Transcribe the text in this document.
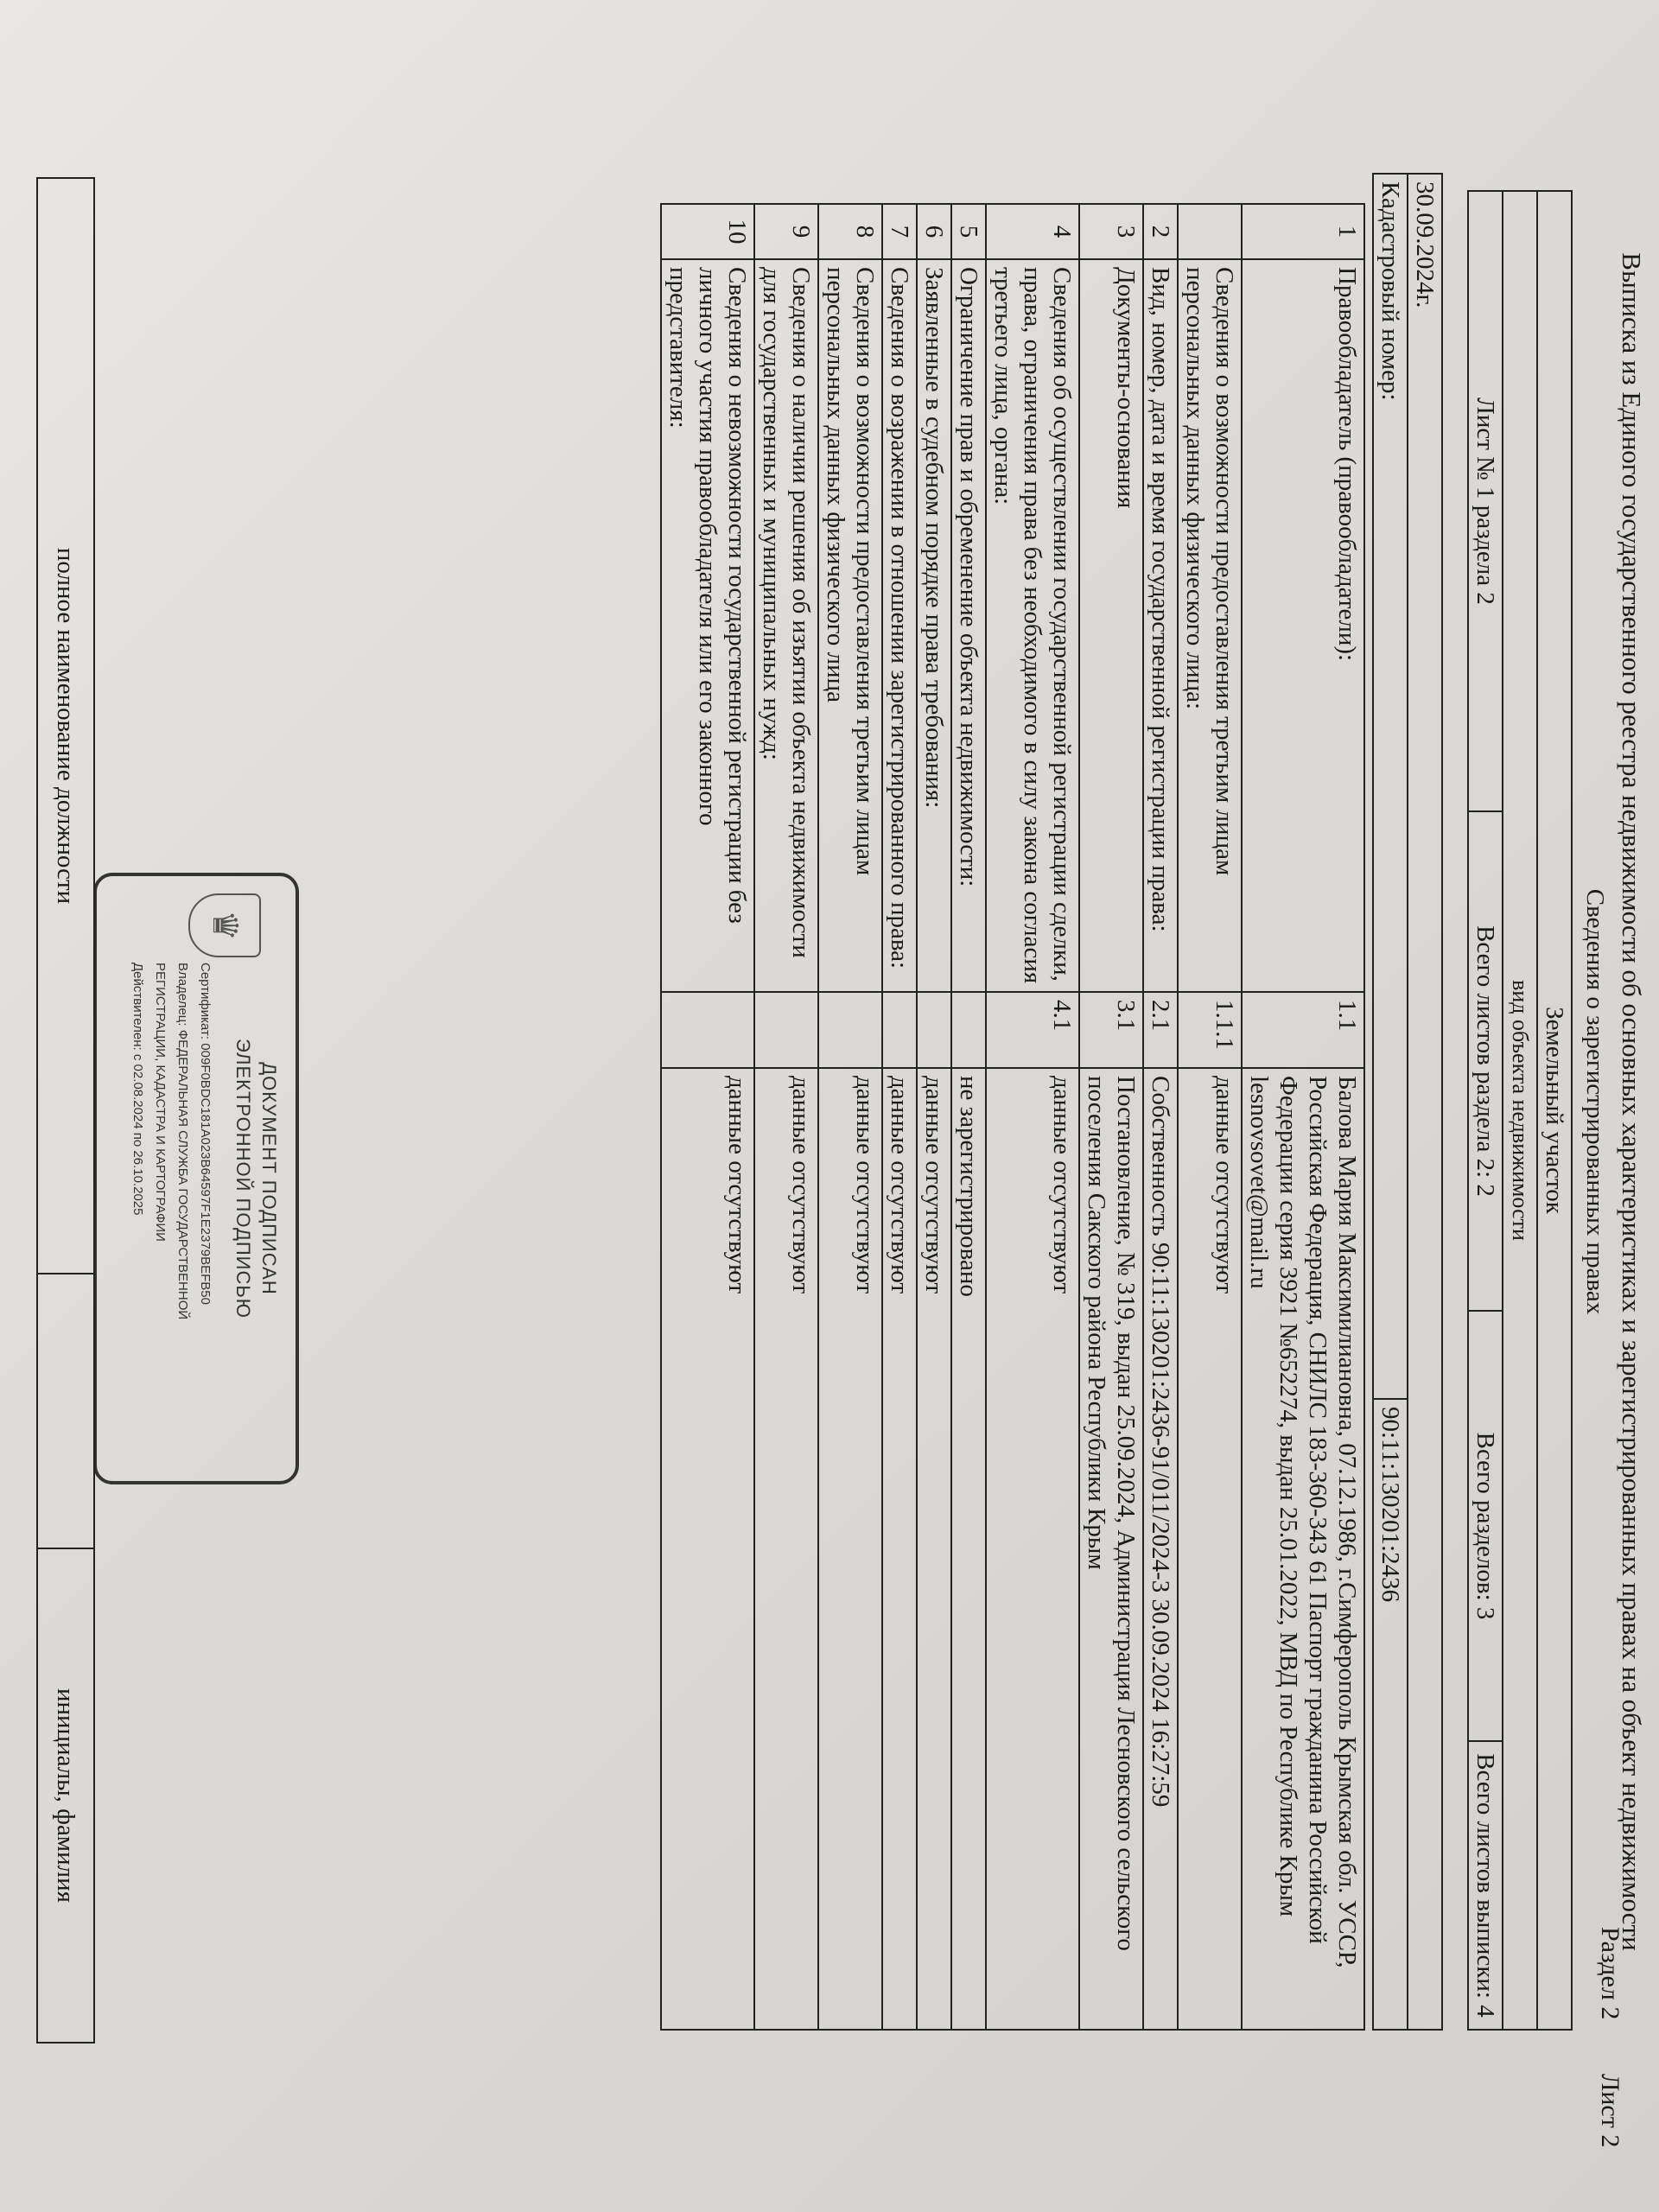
Раздел 2
Лист 2
Выписка из Единого государственного реестра недвижимости об основных характеристиках и зарегистрированных правах на объект недвижимости
Сведения о зарегистрированных правах
Земельный участок
вид объекта недвижимости
Лист № 1 раздела 2	Всего листов раздела 2: 2	Всего разделов: 3	Всего листов выписки: 4
30.09.2024г.
Кадастровый номер:	90:11:130201:2436
1	Правообладатель (правообладатели):	1.1	Балова Мария Максимилиановна, 07.12.1986, г.Симферополь Крымская обл. УССР, Российская Федерация, СНИЛС 183-360-343 61 Паспорт гражданина Российской Федерации серия 3921 №652274, выдан 25.01.2022, МВД по Республике Крым lesnovsovet@mail.ru
	Сведения о возможности предоставления третьим лицам персональных данных физического лица:	1.1.1	данные отсутствуют
2	Вид, номер, дата и время государственной регистрации права:	2.1	Собственность 90:11:130201:2436-91/011/2024-3 30.09.2024 16:27:59
3	Документы-основания	3.1	Постановление, № 319, выдан 25.09.2024, Администрация Лесновского сельского поселения Сакского района Республики Крым
4	Сведения об осуществлении государственной регистрации сделки, права, ограничения права без необходимого в силу закона согласия третьего лица, органа:	4.1	данные отсутствуют
5	Ограничение прав и обременение объекта недвижимости:		не зарегистрировано
6	Заявленные в судебном порядке права требования:		данные отсутствуют
7	Сведения о возражении в отношении зарегистрированного права:		данные отсутствуют
8	Сведения о возможности предоставления третьим лицам персональных данных физического лица		данные отсутствуют
9	Сведения о наличии решения об изъятии объекта недвижимости для государственных и муниципальных нужд:		данные отсутствуют
10	Сведения о невозможности государственной регистрации без личного участия правообладателя или его законного представителя:		данные отсутствуют
♛
ДОКУМЕНТ ПОДПИСАН
ЭЛЕКТРОННОЙ ПОДПИСЬЮ
Сертификат: 009F0BDC181A023B64597F1E2379BEFB50
Владелец: ФЕДЕРАЛЬНАЯ СЛУЖБА ГОСУДАРСТВЕННОЙ
РЕГИСТРАЦИИ, КАДАСТРА И КАРТОГРАФИИ
Действителен: с 02.08.2024 по 26.10.2025
полное наименование должности		инициалы, фамилия
